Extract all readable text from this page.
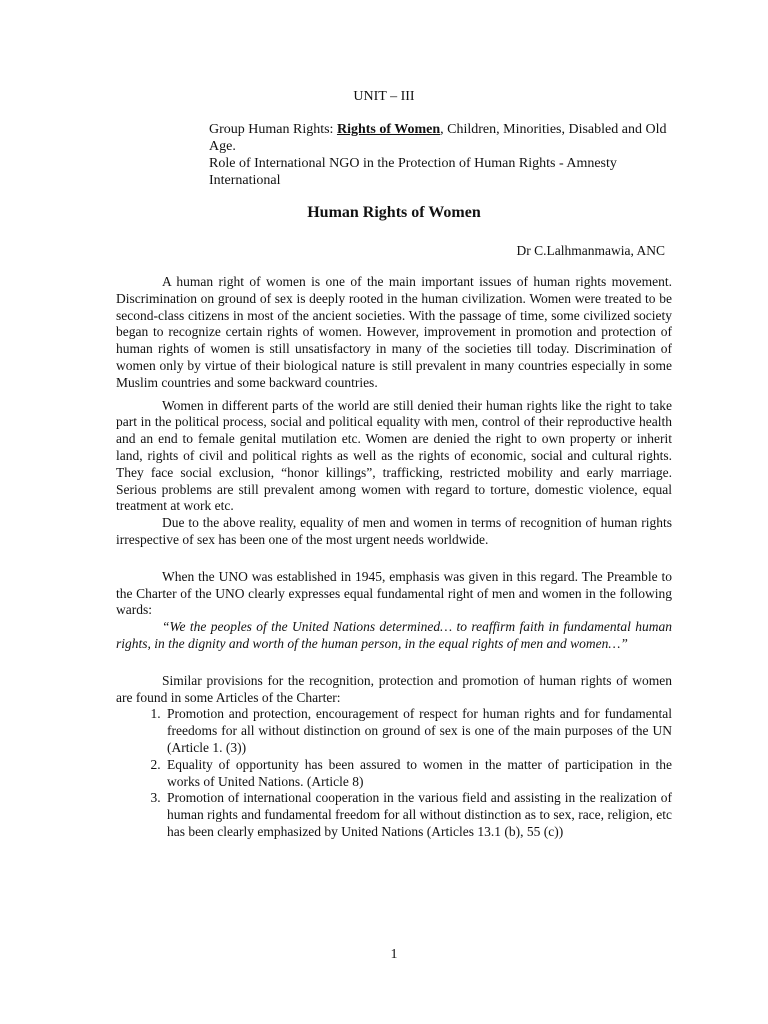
UNIT – III

Group Human Rights: Rights of Women, Children, Minorities, Disabled and Old Age.

Role of International NGO in the Protection of Human Rights - Amnesty International

Human Rights of Women
Dr C.Lalhmanmawia, ANC

A human right of women is one of the main important issues of human rights movement. Discrimination on ground of sex is deeply rooted in the human civilization. Women were treated to be second-class citizens in most of the ancient societies. With the passage of time, some civilized society began to recognize certain rights of women. However, improvement in promotion and protection of human rights of women is still unsatisfactory in many of the societies till today. Discrimination of women only by virtue of their biological nature is still prevalent in many countries especially in some Muslim countries and some backward countries.

Women in different parts of the world are still denied their human rights like the right to take part in the political process, social and political equality with men, control of their reproductive health and an end to female genital mutilation etc. Women are denied the right to own property or inherit land, rights of civil and political rights as well as the rights of economic, social and cultural rights. They face social exclusion, “honor killings”, trafficking, restricted mobility and early marriage. Serious problems are still prevalent among women with regard to torture, domestic violence, equal treatment at work etc.

Due to the above reality, equality of men and women in terms of recognition of human rights irrespective of sex has been one of the most urgent needs worldwide.

When the UNO was established in 1945, emphasis was given in this regard. The Preamble to the Charter of the UNO clearly expresses equal fundamental right of men and women in the following wards:

“We the peoples of the United Nations determined… to reaffirm faith in fundamental human rights, in the dignity and worth of the human person, in the equal rights of men and women…”

Similar provisions for the recognition, protection and promotion of human rights of women are found in some Articles of the Charter:

1. Promotion and protection, encouragement of respect for human rights and for fundamental freedoms for all without distinction on ground of sex is one of the main purposes of the UN (Article 1. (3))
2. Equality of opportunity has been assured to women in the matter of participation in the works of United Nations. (Article 8)
3. Promotion of international cooperation in the various field and assisting in the realization of human rights and fundamental freedom for all without distinction as to sex, race, religion, etc has been clearly emphasized by United Nations (Articles 13.1 (b), 55 (c))
1
